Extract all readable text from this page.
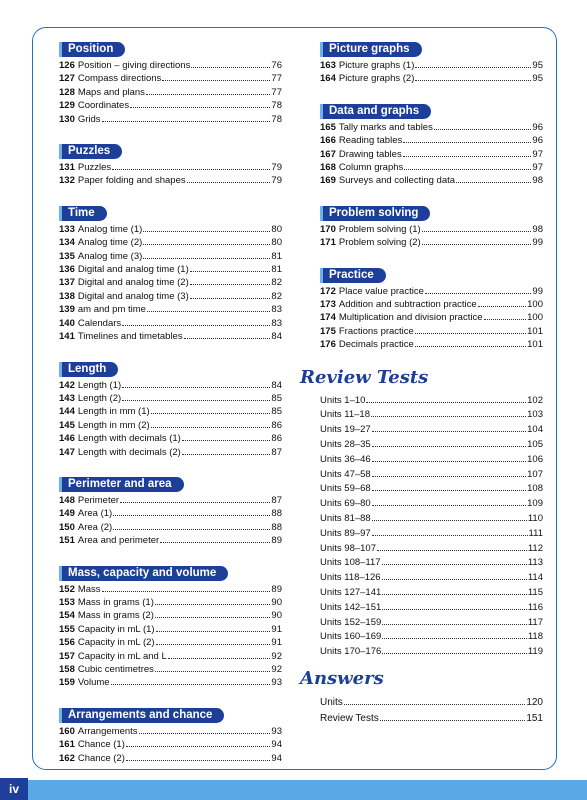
iv
Position
126 Position – giving directions	76
127 Compass directions	77
128 Maps and plans	77
129 Coordinates	78
130 Grids	78
Puzzles
131 Puzzles	79
132 Paper folding and shapes	79
Time
133 Analog time (1)	80
134 Analog time (2)	80
135 Analog time (3)	81
136 Digital and analog time (1)	81
137 Digital and analog time (2)	82
138 Digital and analog time (3)	82
139 am and pm time	83
140 Calendars	83
141 Timelines and timetables	84
Length
142 Length (1)	84
143 Length (2)	85
144 Length in mm (1)	85
145 Length in mm (2)	86
146 Length with decimals (1)	86
147 Length with decimals (2)	87
Perimeter and area
148 Perimeter	87
149 Area (1)	88
150 Area (2)	88
151 Area and perimeter	89
Mass, capacity and volume
152 Mass	89
153 Mass in grams (1)	90
154 Mass in grams (2)	90
155 Capacity in mL (1)	91
156 Capacity in mL (2)	91
157 Capacity in mL and L	92
158 Cubic centimetres	92
159 Volume	93
Arrangements and chance
160 Arrangements	93
161 Chance (1)	94
162 Chance (2)	94
Picture graphs
163 Picture graphs (1)	95
164 Picture graphs (2)	95
Data and graphs
165 Tally marks and tables	96
166 Reading tables	96
167 Drawing tables	97
168 Column graphs	97
169 Surveys and collecting data	98
Problem solving
170 Problem solving (1)	98
171 Problem solving (2)	99
Practice
172 Place value practice	99
173 Addition and subtraction practice	100
174 Multiplication and division practice	100
175 Fractions practice	101
176 Decimals practice	101
Review Tests
Units 1–10	102
Units 11–18	103
Units 19–27	104
Units 28–35	105
Units 36–46	106
Units 47–58	107
Units 59–68	108
Units 69–80	109
Units 81–88	110
Units 89–97	111
Units 98–107	112
Units 108–117	113
Units 118–126	114
Units 127–141	115
Units 142–151	116
Units 152–159	117
Units 160–169	118
Units 170–176	119
Answers
Units	120
Review Tests	151
